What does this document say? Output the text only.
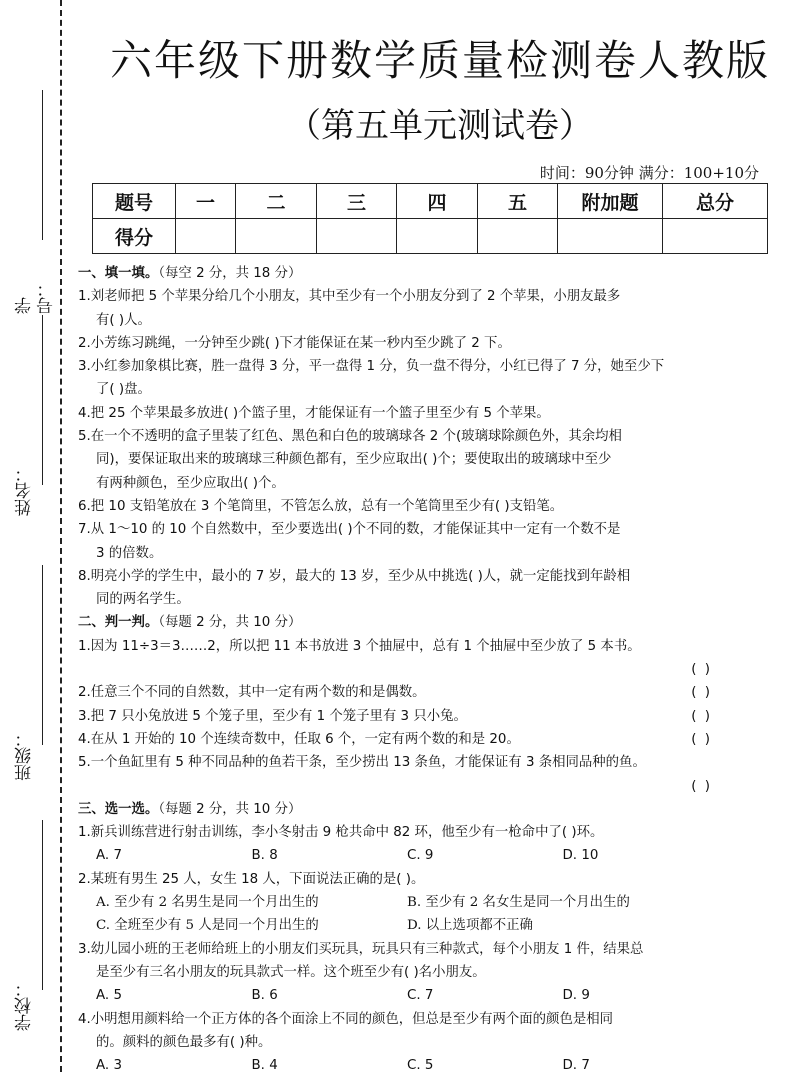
学号：
姓名：
班级：
学校：
六年级下册数学质量检测卷人教版
（第五单元测试卷）
时间：90分钟 满分：100+10分
题号	一	二	三	四	五	附加题	总分
得分							
一、填一填。（每空 2 分，共 18 分）
1.刘老师把 5 个苹果分给几个小朋友，其中至少有一个小朋友分到了 2 个苹果，小朋友最多
有( )人。
2.小芳练习跳绳，一分钟至少跳( )下才能保证在某一秒内至少跳了 2 下。
3.小红参加象棋比赛，胜一盘得 3 分，平一盘得 1 分，负一盘不得分，小红已得了 7 分，她至少下
了( )盘。
4.把 25 个苹果最多放进( )个篮子里，才能保证有一个篮子里至少有 5 个苹果。
5.在一个不透明的盒子里装了红色、黑色和白色的玻璃球各 2 个(玻璃球除颜色外，其余均相
同)，要保证取出来的玻璃球三种颜色都有，至少应取出( )个；要使取出的玻璃球中至少
有两种颜色，至少应取出( )个。
6.把 10 支铅笔放在 3 个笔筒里，不管怎么放，总有一个笔筒里至少有( )支铅笔。
7.从 1～10 的 10 个自然数中，至少要选出( )个不同的数，才能保证其中一定有一个数不是
3 的倍数。
8.明亮小学的学生中，最小的 7 岁，最大的 13 岁，至少从中挑选( )人，就一定能找到年龄相
同的两名学生。
二、判一判。（每题 2 分，共 10 分）
1.因为 11÷3＝3……2，所以把 11 本书放进 3 个抽屉中，总有 1 个抽屉中至少放了 5 本书。
( )
2.任意三个不同的自然数，其中一定有两个数的和是偶数。	( )
3.把 7 只小兔放进 5 个笼子里，至少有 1 个笼子里有 3 只小兔。	( )
4.在从 1 开始的 10 个连续奇数中，任取 6 个，一定有两个数的和是 20。	( )
5.一个鱼缸里有 5 种不同品种的鱼若干条，至少捞出 13 条鱼，才能保证有 3 条相同品种的鱼。
( )
三、选一选。（每题 2 分，共 10 分）
1.新兵训练营进行射击训练，李小冬射击 9 枪共命中 82 环，他至少有一枪命中了( )环。
A. 7	B. 8	C. 9	D. 10
2.某班有男生 25 人，女生 18 人，下面说法正确的是( )。
A. 至少有 2 名男生是同一个月出生的	B. 至少有 2 名女生是同一个月出生的
C. 全班至少有 5 人是同一个月出生的	D. 以上选项都不正确
3.幼儿园小班的王老师给班上的小朋友们买玩具，玩具只有三种款式，每个小朋友 1 件，结果总
是至少有三名小朋友的玩具款式一样。这个班至少有( )名小朋友。
A. 5	B. 6	C. 7	D. 9
4.小明想用颜料给一个正方体的各个面涂上不同的颜色，但总是至少有两个面的颜色是相同
的。颜料的颜色最多有( )种。
A. 3	B. 4	C. 5	D. 7
